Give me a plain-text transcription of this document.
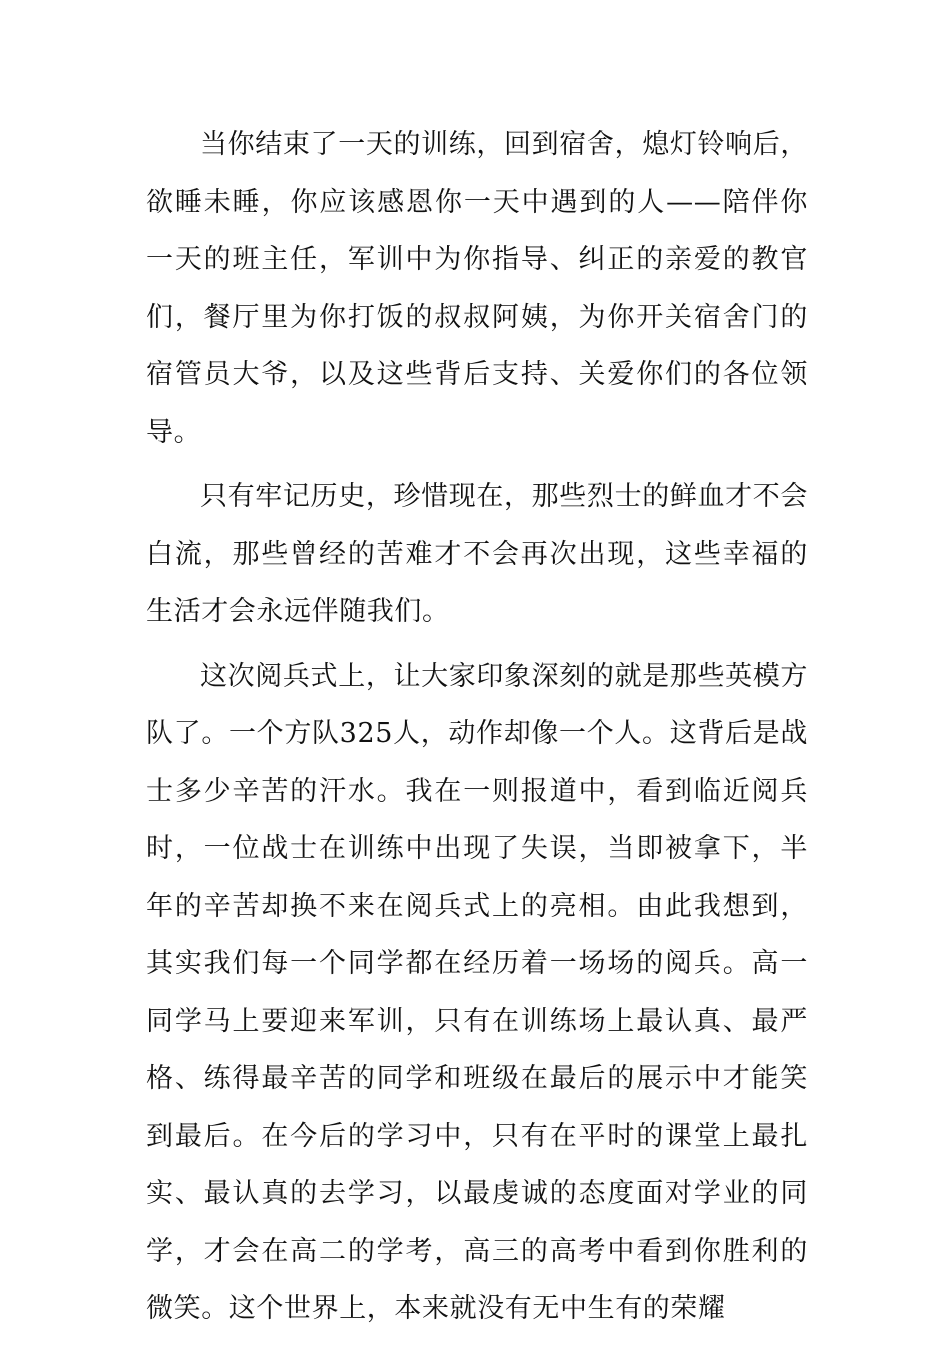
当你结束了一天的训练，回到宿舍，熄灯铃响后，欲睡未睡，你应该感恩你一天中遇到的人——陪伴你一天的班主任，军训中为你指导、纠正的亲爱的教官们，餐厅里为你打饭的叔叔阿姨，为你开关宿舍门的宿管员大爷，以及这些背后支持、关爱你们的各位领导。

只有牢记历史，珍惜现在，那些烈士的鲜血才不会白流，那些曾经的苦难才不会再次出现，这些幸福的生活才会永远伴随我们。

这次阅兵式上，让大家印象深刻的就是那些英模方队了。一个方队325人，动作却像一个人。这背后是战士多少辛苦的汗水。我在一则报道中，看到临近阅兵时，一位战士在训练中出现了失误，当即被拿下，半年的辛苦却换不来在阅兵式上的亮相。由此我想到，其实我们每一个同学都在经历着一场场的阅兵。高一同学马上要迎来军训，只有在训练场上最认真、最严格、练得最辛苦的同学和班级在最后的展示中才能笑到最后。在今后的学习中，只有在平时的课堂上最扎实、最认真的去学习，以最虔诚的态度面对学业的同学，才会在高二的学考，高三的高考中看到你胜利的微笑。这个世界上，本来就没有无中生有的荣耀
